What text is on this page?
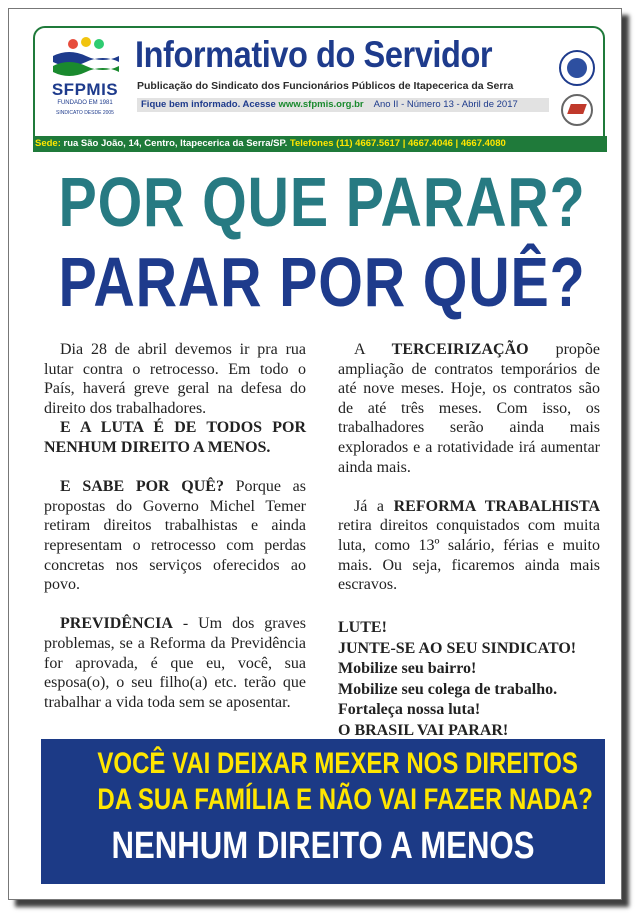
SFPMIS
FUNDADO EM 1981
SINDICATO DESDE 2005
Informativo do Servidor
Publicação do Sindicato dos Funcionários Públicos de Itapecerica da Serra
Fique bem informado. Acesse www.sfpmis.org.br Ano II - Número 13 - Abril de 2017
Sede: rua São João, 14, Centro, Itapecerica da Serra/SP. Telefones (11) 4667.5617 | 4667.4046 | 4667.4080
POR QUE PARAR?
PARAR POR QUÊ?

Dia 28 de abril devemos ir pra rua lutar contra o retrocesso. Em todo o País, haverá greve geral na defesa do direito dos trabalhadores.

E A LUTA É DE TODOS POR NENHUM DIREITO A MENOS.

E SABE POR QUÊ? Porque as propostas do Governo Michel Temer retiram direitos trabalhistas e ainda representam o retrocesso com perdas concretas nos serviços oferecidos ao povo.

PREVIDÊNCIA - Um dos graves problemas, se a Reforma da Previdência for aprovada, é que eu, você, sua esposa(o), o seu filho(a) etc. terão que trabalhar a vida toda sem se aposentar.

A TERCEIRIZAÇÃO propõe ampliação de contratos temporários de até nove meses. Hoje, os contratos são de até três meses. Com isso, os trabalhadores serão ainda mais explorados e a rotatividade irá aumentar ainda mais.

Já a REFORMA TRABALHISTA retira direitos conquistados com muita luta, como 13º salário, férias e muito mais. Ou seja, ficaremos ainda mais escravos.

LUTE!
JUNTE-SE AO SEU SINDICATO!
Mobilize seu bairro!
Mobilize seu colega de trabalho.
Fortaleça nossa luta!
O BRASIL VAI PARAR!
VOCÊ VAI DEIXAR MEXER NOS DIREITOS
DA SUA FAMÍLIA E NÃO VAI FAZER NADA?
NENHUM DIREITO A MENOS
